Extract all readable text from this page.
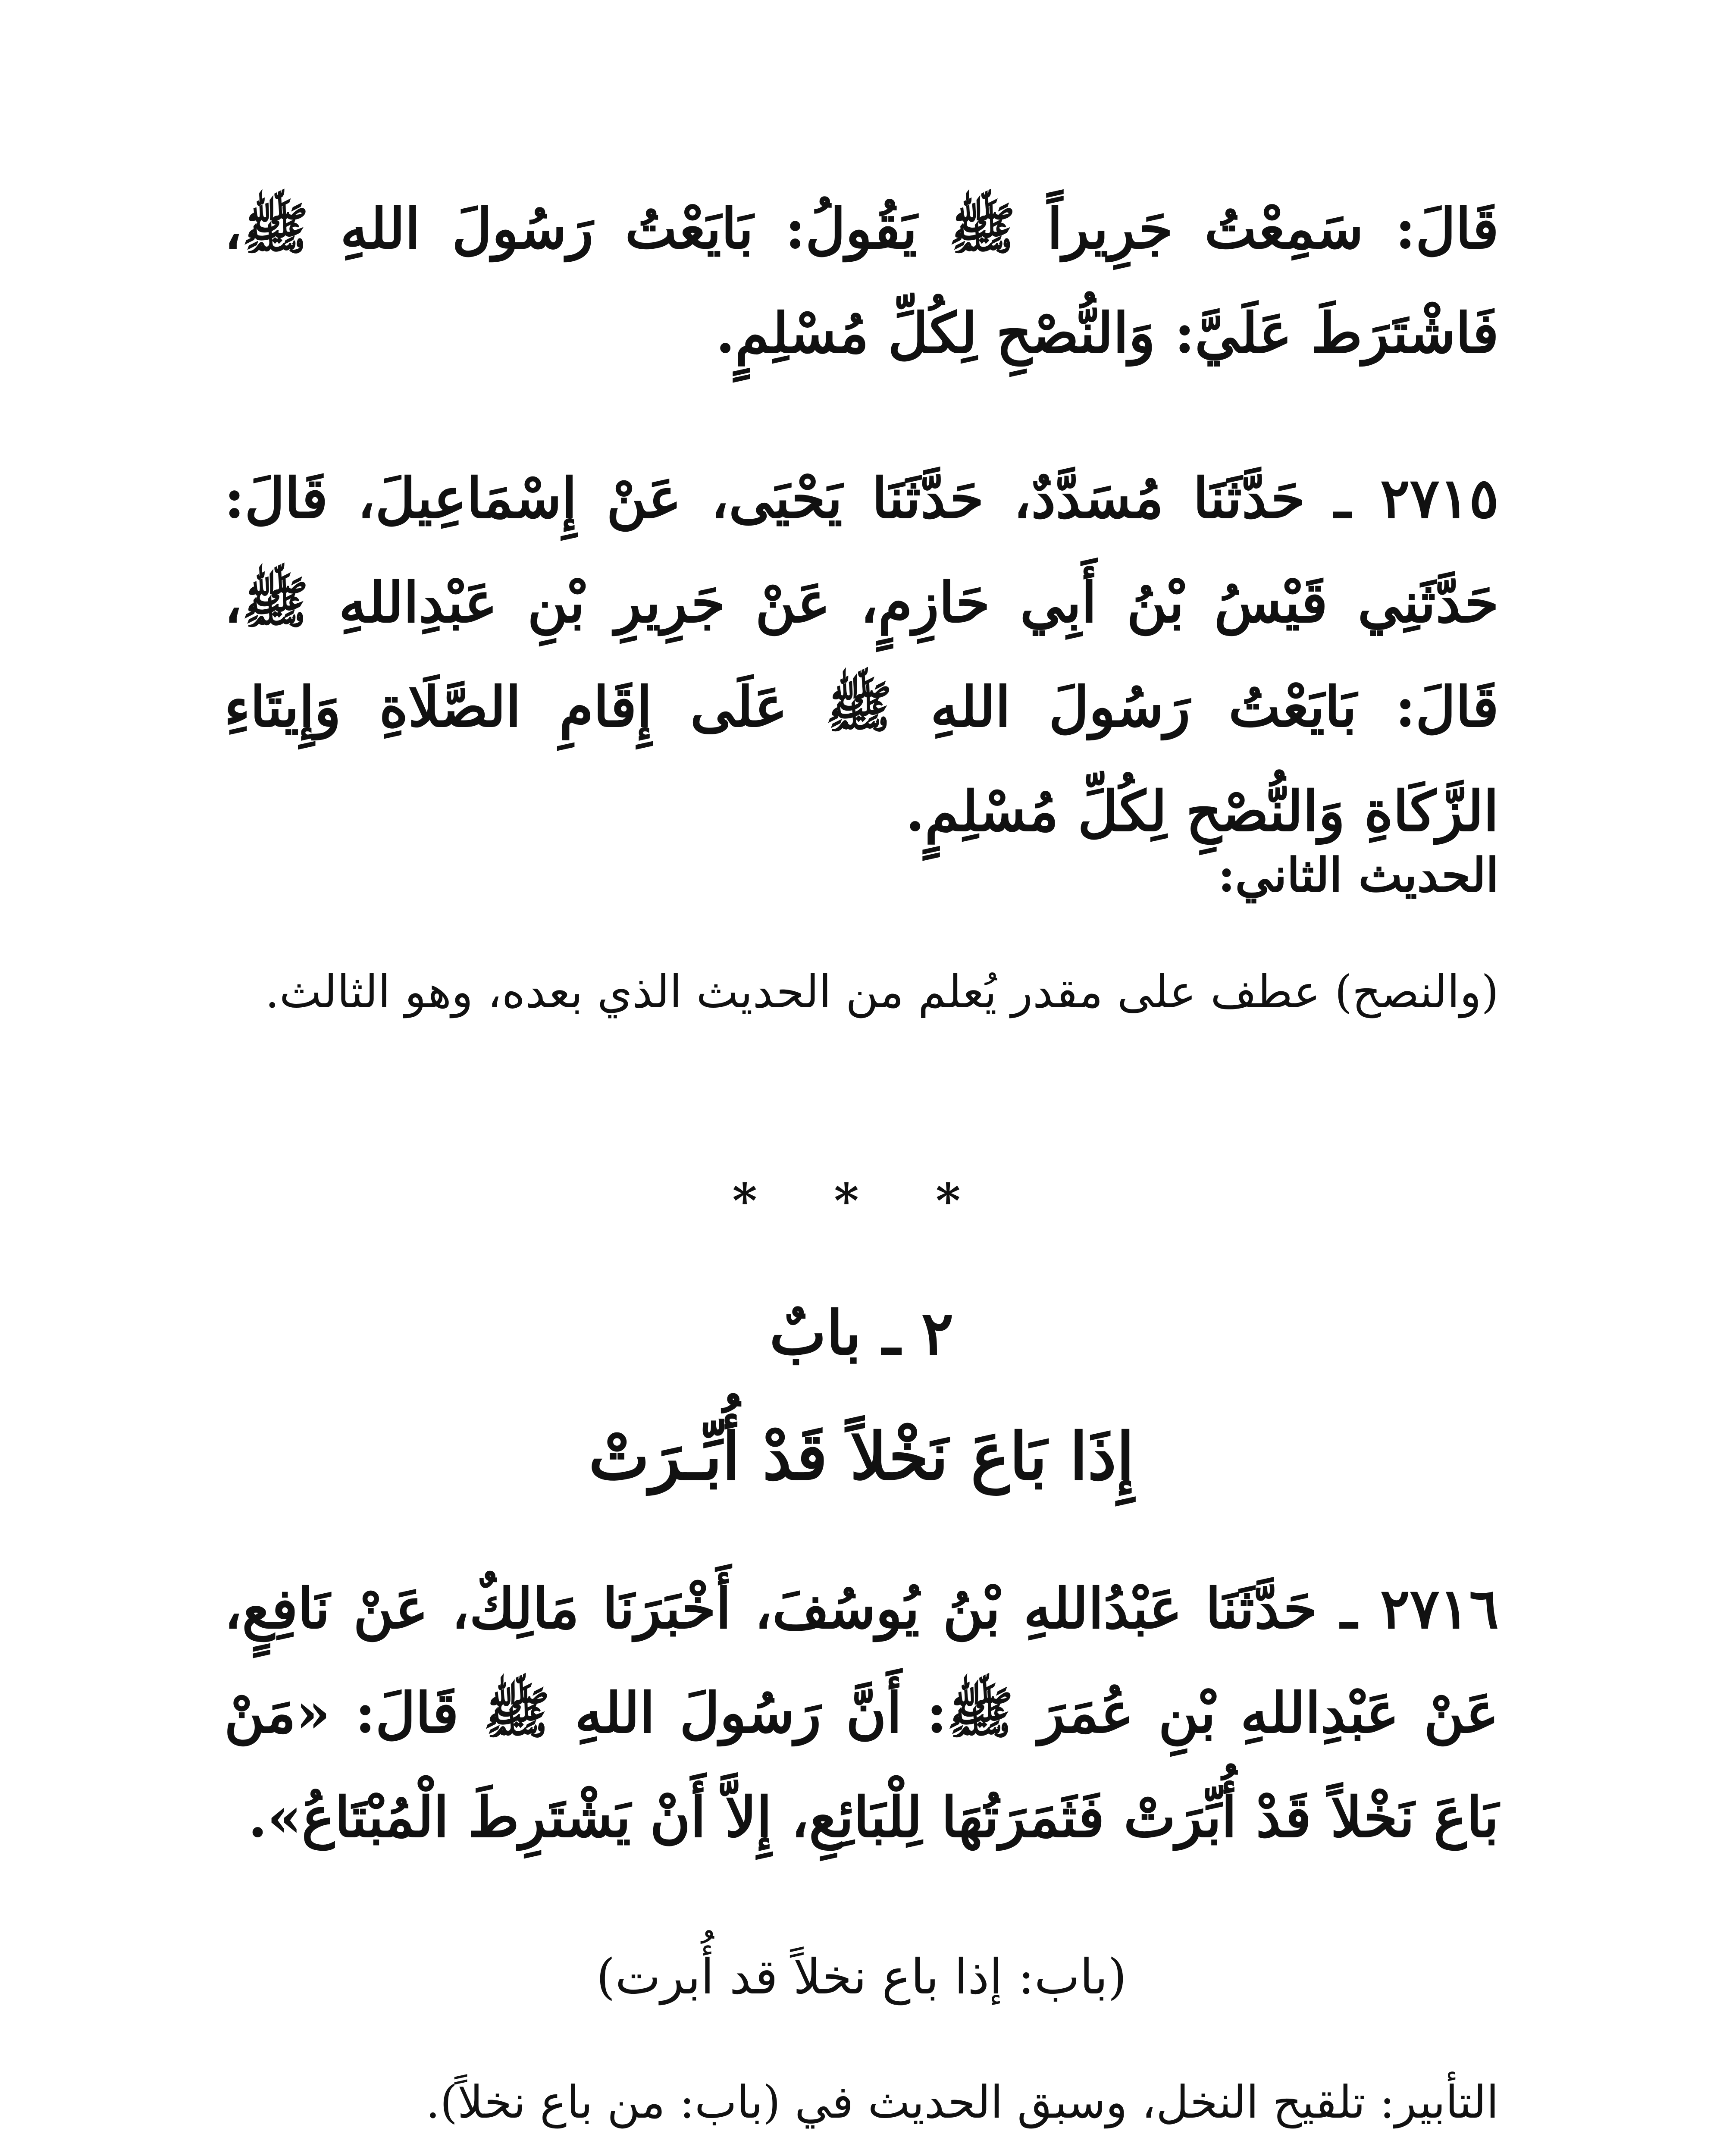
قَالَ: سَمِعْتُ جَرِيراً ﷺ يَقُولُ: بَايَعْتُ رَسُولَ اللهِ ﷺ، فَاشْتَرَطَ عَلَيَّ: وَالنُّصْحِ لِكُلِّ مُسْلِمٍ.

٢٧١٥ ـ حَدَّثَنَا مُسَدَّدٌ، حَدَّثَنَا يَحْيَى، عَنْ إِسْمَاعِيلَ، قَالَ: حَدَّثَنِي قَيْسُ بْنُ أَبِي حَازِمٍ، عَنْ جَرِيرِ بْنِ عَبْدِاللهِ ﷺ، قَالَ: بَايَعْتُ رَسُولَ اللهِ ﷺ عَلَى إِقَامِ الصَّلَاةِ وَإِيتَاءِ الزَّكَاةِ وَالنُّصْحِ لِكُلِّ مُسْلِمٍ.

الحديث الثاني:

(والنصح) عطف على مقدر يُعلم من الحديث الذي بعده، وهو الثالث.

* * *
٢ ـ بابٌ
إِذَا بَاعَ نَخْلاً قَدْ أُبِّـرَتْ

٢٧١٦ ـ حَدَّثَنَا عَبْدُاللهِ بْنُ يُوسُفَ، أَخْبَرَنَا مَالِكٌ، عَنْ نَافِعٍ، عَنْ عَبْدِاللهِ بْنِ عُمَرَ ﷺ: أَنَّ رَسُولَ اللهِ ﷺ قَالَ: «مَنْ بَاعَ نَخْلاً قَدْ أُبِّرَتْ فَثَمَرَتُهَا لِلْبَائِعِ، إِلاَّ أَنْ يَشْتَرِطَ الْمُبْتَاعُ».

(باب: إذا باع نخلاً قد أُبرت)

التأبير: تلقيح النخل، وسبق الحديث في (باب: من باع نخلاً).
